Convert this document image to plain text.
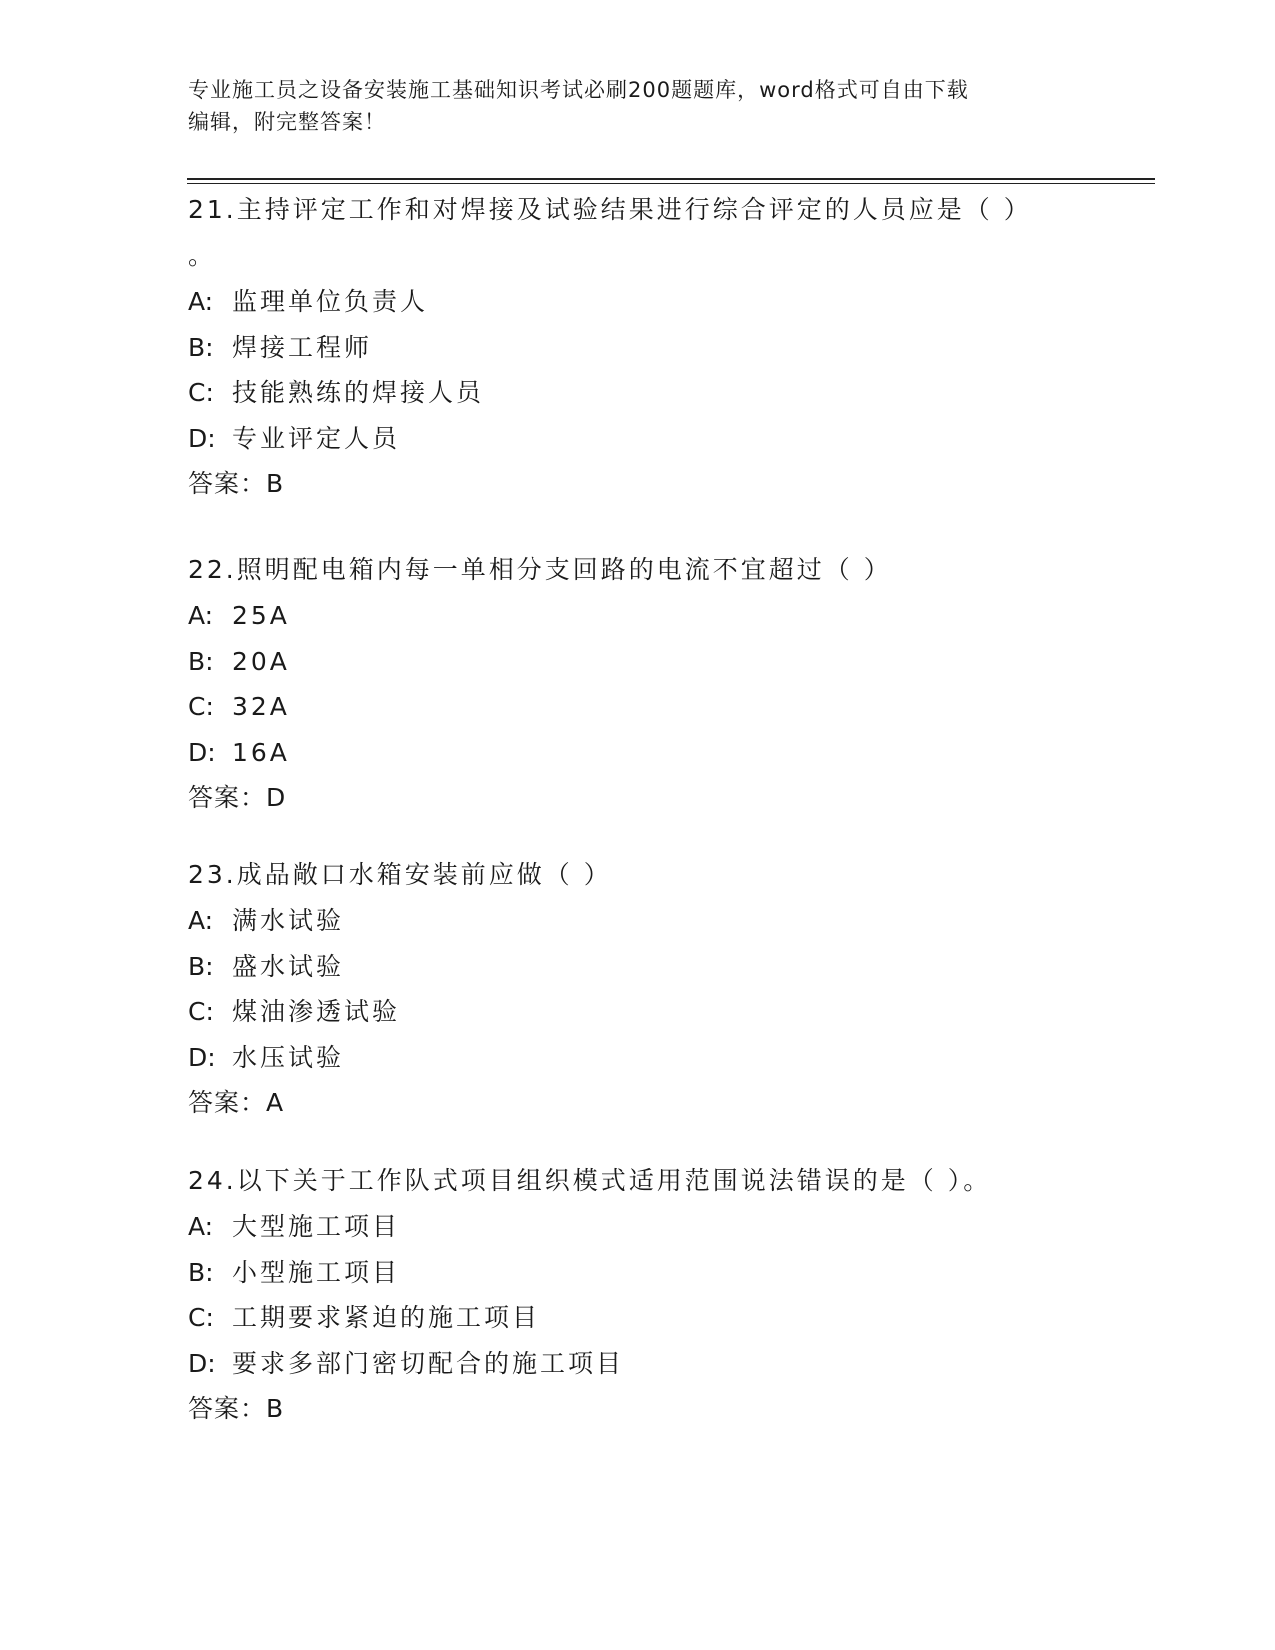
专业施工员之设备安装施工基础知识考试必刷200题题库，word格式可自由下载
编辑，附完整答案！
21.主持评定工作和对焊接及试验结果进行综合评定的人员应是（ ）
。
A: 监理单位负责人
B: 焊接工程师
C: 技能熟练的焊接人员
D: 专业评定人员
答案：B
22.照明配电箱内每一单相分支回路的电流不宜超过（ ）
A: 25A
B: 20A
C: 32A
D: 16A
答案：D
23.成品敞口水箱安装前应做（ ）
A: 满水试验
B: 盛水试验
C: 煤油渗透试验
D: 水压试验
答案：A
24.以下关于工作队式项目组织模式适用范围说法错误的是（ ）。
A: 大型施工项目
B: 小型施工项目
C: 工期要求紧迫的施工项目
D: 要求多部门密切配合的施工项目
答案：B
